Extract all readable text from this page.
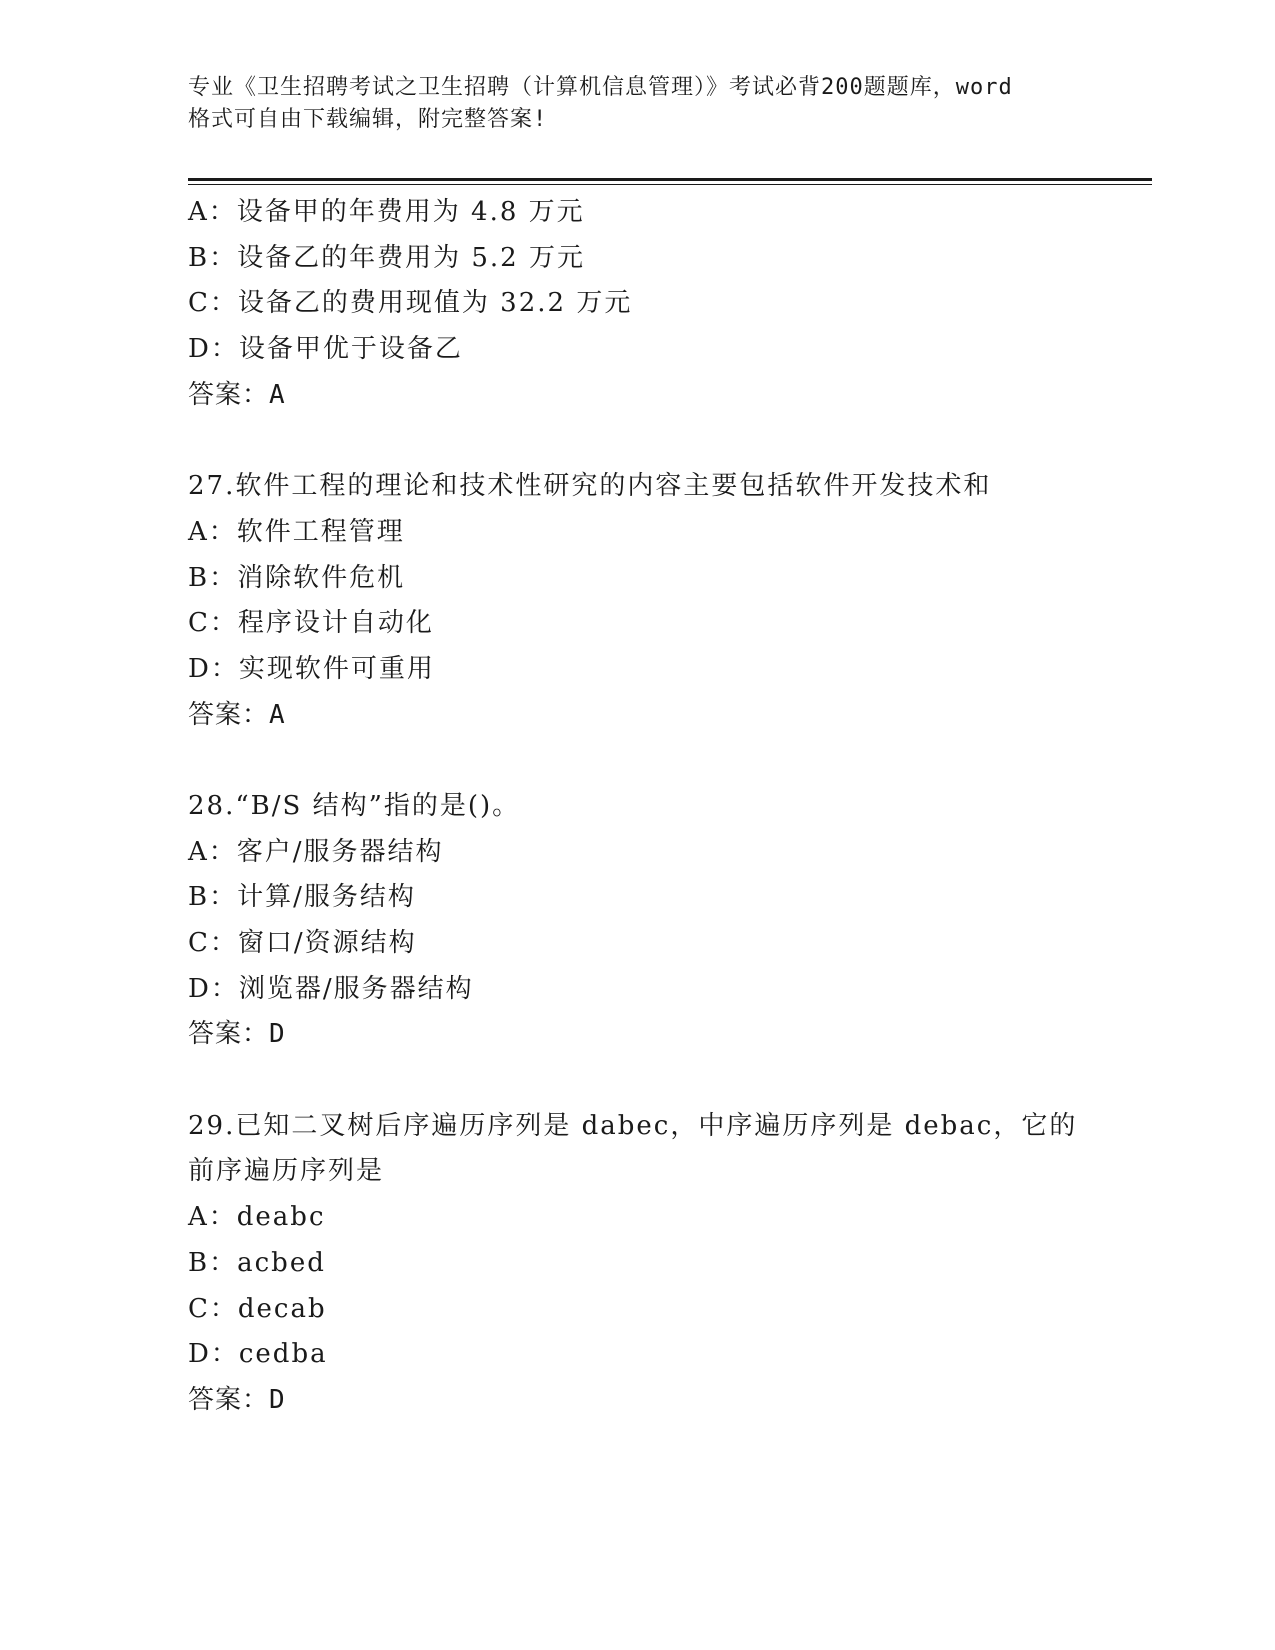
专业《卫生招聘考试之卫生招聘（计算机信息管理）》考试必背200题题库，word
格式可自由下载编辑，附完整答案!
A：设备甲的年费用为 4.8 万元
B：设备乙的年费用为 5.2 万元
C：设备乙的费用现值为 32.2 万元
D：设备甲优于设备乙
答案：A
27.软件工程的理论和技术性研究的内容主要包括软件开发技术和
A：软件工程管理
B：消除软件危机
C：程序设计自动化
D：实现软件可重用
答案：A
28.“B/S 结构”指的是()。
A：客户/服务器结构
B：计算/服务结构
C：窗口/资源结构
D：浏览器/服务器结构
答案：D
29.已知二叉树后序遍历序列是 dabec，中序遍历序列是 debac，它的
前序遍历序列是
A：deabc
B：acbed
C：decab
D：cedba
答案：D
